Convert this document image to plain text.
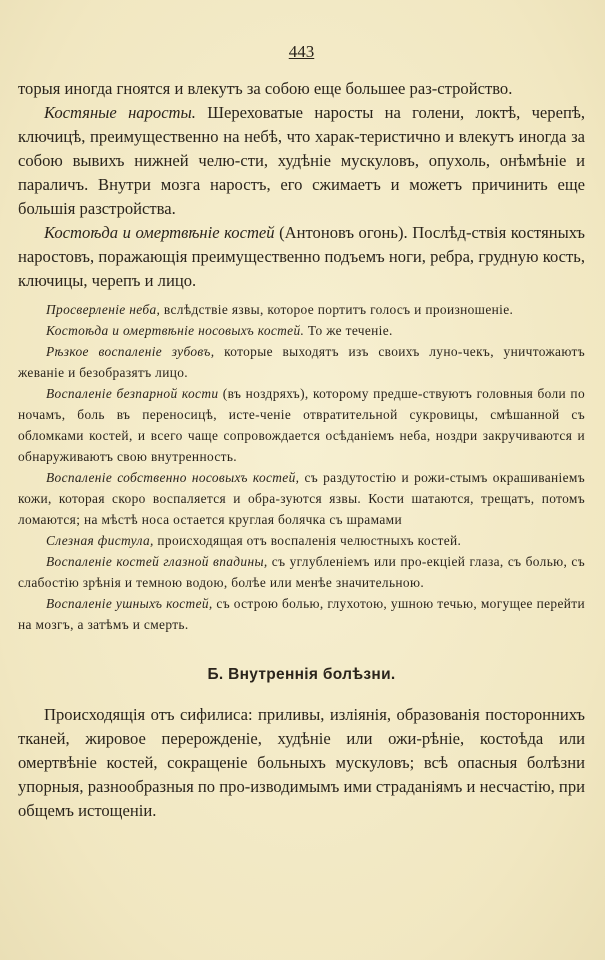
443

торыя иногда гноятся и влекутъ за собою еще большее раз-стройство.

Костяные наросты. Шереховатые наросты на голени, локтѣ, черепѣ, ключицѣ, преимущественно на небѣ, что харак-теристично и влекутъ иногда за собою вывихъ нижней челю-сти, худѣніе мускуловъ, опухоль, онѣмѣніе и параличъ. Внутри мозга наростъ, его сжимаетъ и можетъ причинить еще большія разстройства.

Костоѣда и омертвѣніе костей (Антоновъ огонь). Послѣд-ствія костяныхъ наростовъ, поражающія преимущественно подъемъ ноги, ребра, грудную кость, ключицы, черепъ и лицо.

Просверленіе неба, вслѣдствіе язвы, которое портитъ голосъ и произношеніе.

Костоѣда и омертвѣніе носовыхъ костей. То же теченіе.

Рѣзкое воспаленіе зубовъ, которые выходятъ изъ своихъ луно-чекъ, уничтожаютъ жеваніе и безобразятъ лицо.

Воспаленіе безпарной кости (въ ноздряхъ), которому предше-ствуютъ головныя боли по ночамъ, боль въ переносицѣ, исте-ченіе отвратительной сукровицы, смѣшанной съ обломками костей, и всего чаще сопровождается осѣданіемъ неба, ноздри закручиваются и обнаруживаютъ свою внутренность.

Воспаленіе собственно носовыхъ костей, съ раздутостію и рожи-стымъ окрашиваніемъ кожи, которая скоро воспаляется и обра-зуются язвы. Кости шатаются, трещатъ, потомъ ломаются; на мѣстѣ носа остается круглая болячка съ шрамами

Слезная фистула, происходящая отъ воспаленія челюстныхъ костей.

Воспаленіе костей глазной впадины, съ углубленіемъ или про-екціей глаза, съ болью, съ слабостію зрѣнія и темною водою, болѣе или менѣе значительною.

Воспаленіе ушныхъ костей, съ острою болью, глухотою, ушною течью, могущее перейти на мозгъ, а затѣмъ и смерть.

Б. Внутреннія болѣзни.

Происходящія отъ сифилиса: приливы, изліянія, образованія постороннихъ тканей, жировое перерожденіе, худѣніе или ожи-рѣніе, костоѣда или омертвѣніе костей, сокращеніе больныхъ мускуловъ; всѣ опасныя болѣзни упорныя, разнообразныя по про-изводимымъ ими страданіямъ и несчастію, при общемъ истощеніи.
